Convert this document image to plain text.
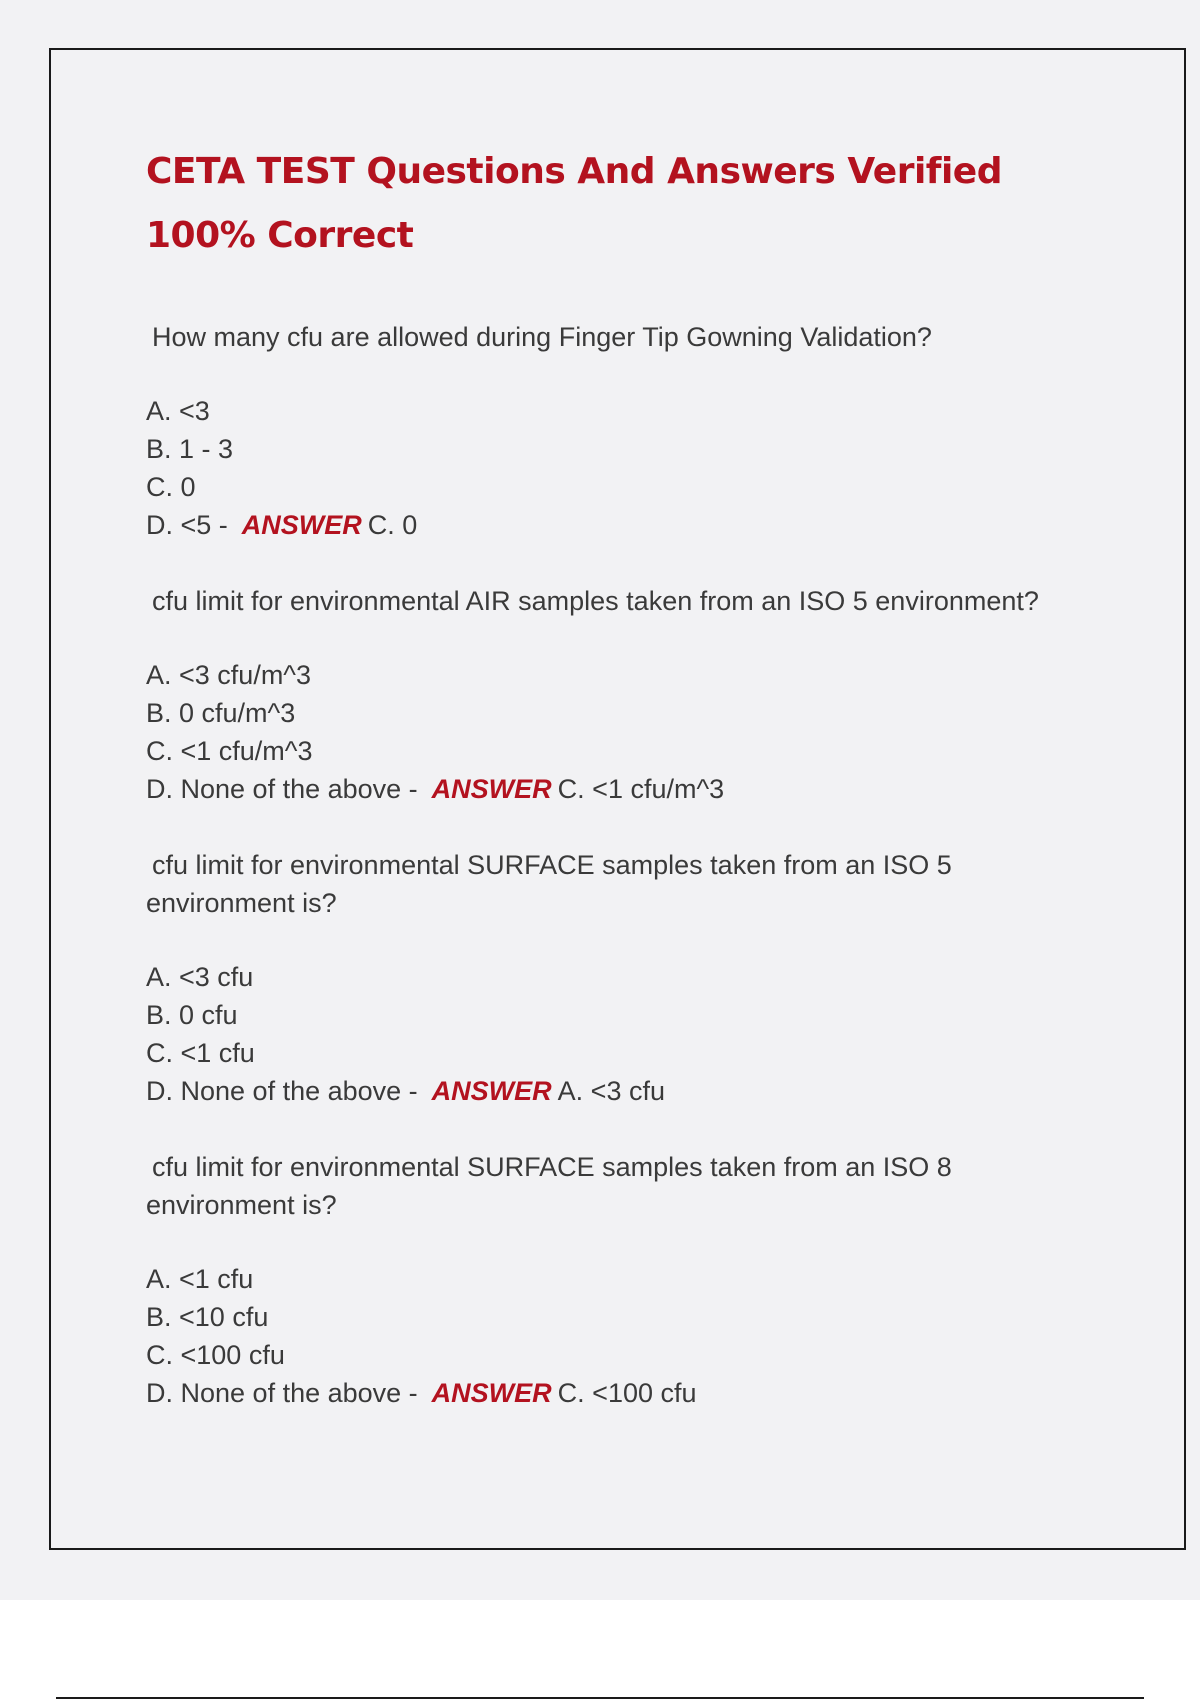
CETA TEST Questions And Answers Verified 100% Correct

How many cfu are allowed during Finger Tip Gowning Validation?

A. <3
B. 1 - 3
C. 0
D. <5 - ANSWER C. 0

cfu limit for environmental AIR samples taken from an ISO 5 environment?

A. <3 cfu/m^3
B. 0 cfu/m^3
C. <1 cfu/m^3
D. None of the above - ANSWER C. <1 cfu/m^3

cfu limit for environmental SURFACE samples taken from an ISO 5 environment is?

A. <3 cfu
B. 0 cfu
C. <1 cfu
D. None of the above - ANSWER A. <3 cfu

cfu limit for environmental SURFACE samples taken from an ISO 8 environment is?

A. <1 cfu
B. <10 cfu
C. <100 cfu
D. None of the above - ANSWER C. <100 cfu
